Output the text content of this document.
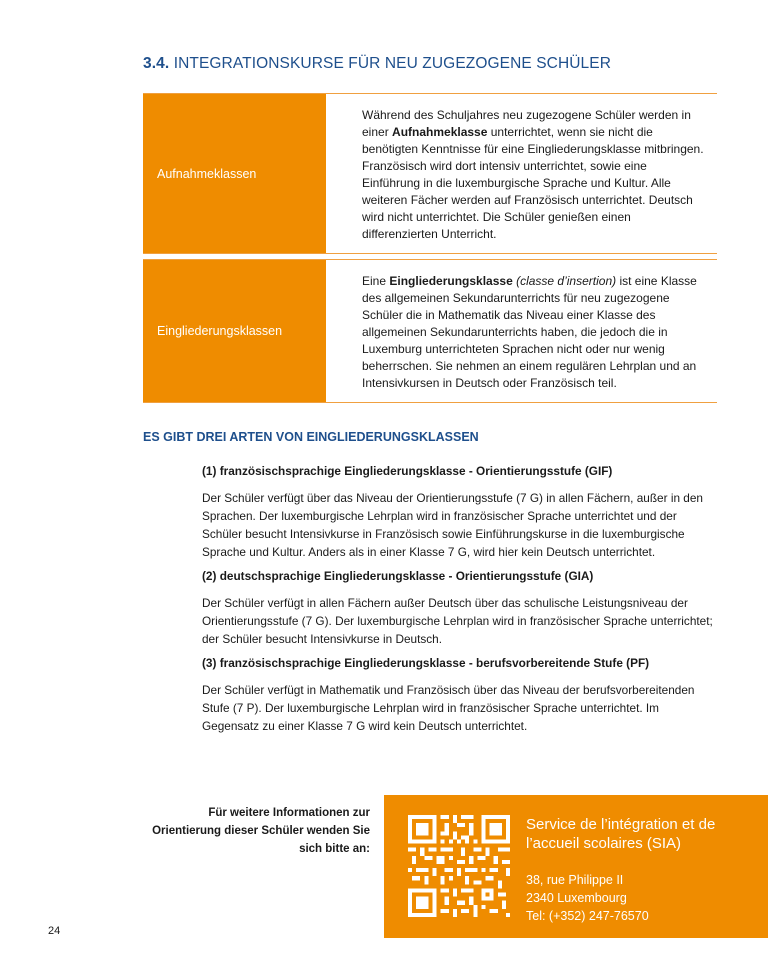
3.4. INTEGRATIONSKURSE FÜR NEU ZUGEZOGENE SCHÜLER
Aufnahmeklassen
Während des Schuljahres neu zugezogene Schüler werden in einer Aufnahmeklasse unterrichtet, wenn sie nicht die benötigten Kenntnisse für eine Eingliederungsklasse mitbringen. Französisch wird dort intensiv unterrichtet, sowie eine Einführung in die luxemburgische Sprache und Kultur. Alle weiteren Fächer werden auf Französisch unterrichtet. Deutsch wird nicht unterrichtet. Die Schüler genießen einen differenzierten Unterricht.
Eingliederungsklassen
Eine Eingliederungsklasse (classe d’insertion) ist eine Klasse des allgemeinen Sekundarunterrichts für neu zugezogene Schüler die in Mathematik das Niveau einer Klasse des allgemeinen Sekundarunterrichts haben, die jedoch die in Luxemburg unterrichteten Sprachen nicht oder nur wenig beherrschen. Sie nehmen an einem regulären Lehrplan und an Intensivkursen in Deutsch oder Französisch teil.
ES GIBT DREI ARTEN VON EINGLIEDERUNGSKLASSEN
(1) französischsprachige Eingliederungsklasse - Orientierungsstufe (GIF)
Der Schüler verfügt über das Niveau der Orientierungsstufe (7 G) in allen Fächern, außer in den Sprachen. Der luxemburgische Lehrplan wird in französischer Sprache unterrichtet und der Schüler besucht Intensivkurse in Französisch sowie Einführungskurse in die luxemburgische Sprache und Kultur. Anders als in einer Klasse 7 G, wird hier kein Deutsch unterrichtet.
(2) deutschsprachige Eingliederungsklasse - Orientierungsstufe (GIA)
Der Schüler verfügt in allen Fächern außer Deutsch über das schulische Leistungsniveau der Orientierungsstufe (7 G). Der luxemburgische Lehrplan wird in französischer Sprache unterrichtet; der Schüler besucht Intensivkurse in Deutsch.
(3) französischsprachige Eingliederungsklasse - berufsvorbereitende Stufe (PF)
Der Schüler verfügt in Mathematik und Französisch über das Niveau der berufsvorbereitenden Stufe (7 P). Der luxemburgische Lehrplan wird in französischer Sprache unterrichtet. Im Gegensatz zu einer Klasse 7 G wird kein Deutsch unterrichtet.
Für weitere Informationen zur Orientierung dieser Schüler wenden Sie sich bitte an:
Service de l’intégration et de l’accueil scolaires (SIA)
38, rue Philippe II
2340 Luxembourg
Tel: (+352) 247-76570
24
